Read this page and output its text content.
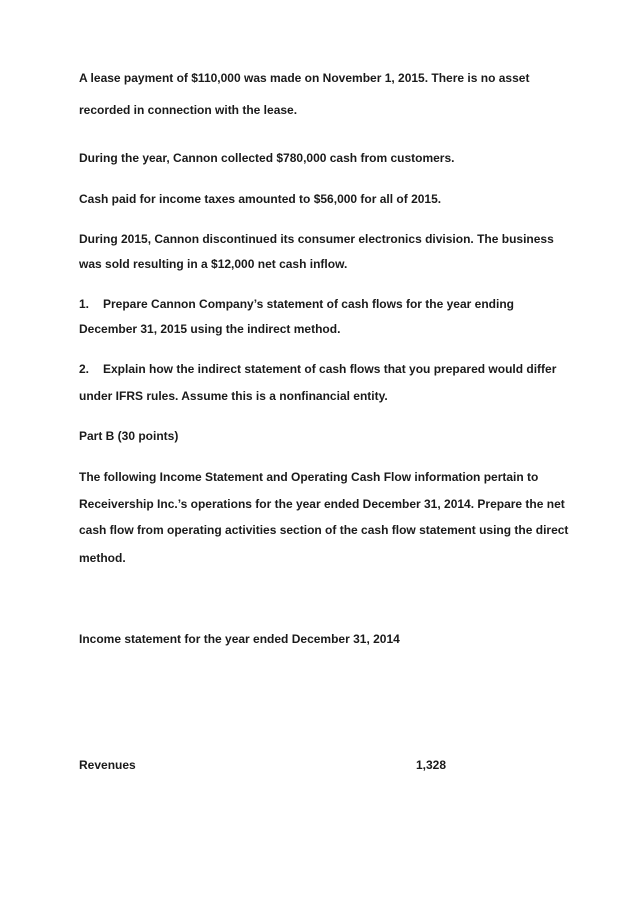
A lease payment of $110,000 was made on November 1, 2015. There is no asset
recorded in connection with the lease.
During the year, Cannon collected $780,000 cash from customers.
Cash paid for income taxes amounted to $56,000 for all of 2015.
During 2015, Cannon discontinued its consumer electronics division. The business
was sold resulting in a $12,000 net cash inflow.
1. Prepare Cannon Company’s statement of cash flows for the year ending
December 31, 2015 using the indirect method.
2. Explain how the indirect statement of cash flows that you prepared would differ
under IFRS rules. Assume this is a nonfinancial entity.
Part B (30 points)
The following Income Statement and Operating Cash Flow information pertain to
Receivership Inc.’s operations for the year ended December 31, 2014. Prepare the net
cash flow from operating activities section of the cash flow statement using the direct
method.
Income statement for the year ended December 31, 2014
Revenues	1,328
